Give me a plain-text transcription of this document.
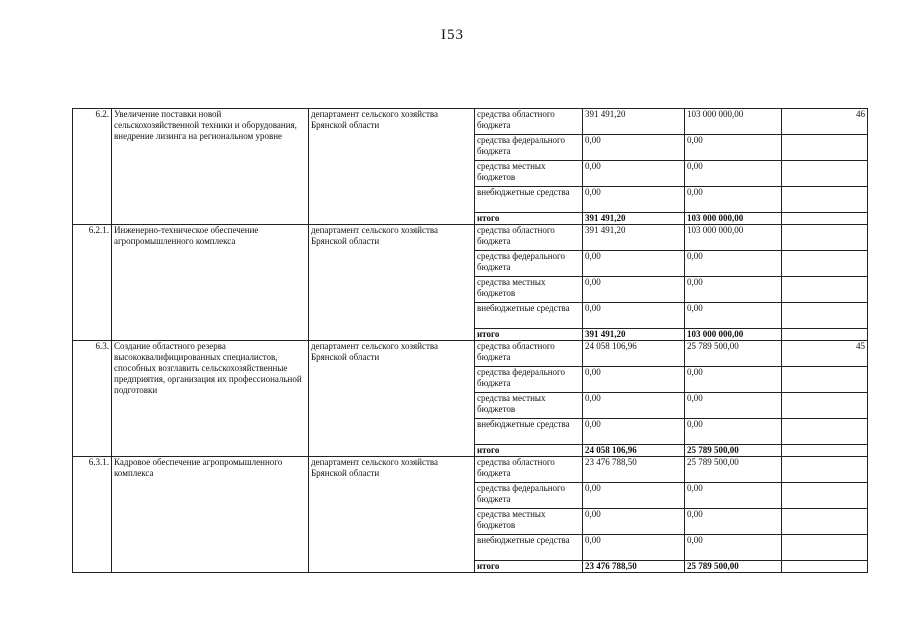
I53
6.2.	Увеличение поставки новой сельскохозяйственной техники и оборудования, внедрение лизинга на региональном уровне	департамент сельского хозяйства Брянской области	средства областного бюджета	391 491,20	103 000 000,00	46
			средства федерального бюджета	0,00	0,00	
			средства местных бюджетов	0,00	0,00	
			внебюджетные средства	0,00	0,00	
			итого	391 491,20	103 000 000,00	
6.2.1.	Инженерно-техническое обеспечение агропромышленного комплекса	департамент сельского хозяйства Брянской области	средства областного бюджета	391 491,20	103 000 000,00	
			средства федерального бюджета	0,00	0,00	
			средства местных бюджетов	0,00	0,00	
			внебюджетные средства	0,00	0,00	
			итого	391 491,20	103 000 000,00	
6.3.	Создание областного резерва высококвалифицированных специалистов, способных возглавить сельскохозяйственные предприятия, организация их профессиональной подготовки	департамент сельского хозяйства Брянской области	средства областного бюджета	24 058 106,96	25 789 500,00	45
			средства федерального бюджета	0,00	0,00	
			средства местных бюджетов	0,00	0,00	
			внебюджетные средства	0,00	0,00	
			итого	24 058 106,96	25 789 500,00	
6.3.1.	Кадровое обеспечение агропромышленного комплекса	департамент сельского хозяйства Брянской области	средства областного бюджета	23 476 788,50	25 789 500,00	
			средства федерального бюджета	0,00	0,00	
			средства местных бюджетов	0,00	0,00	
			внебюджетные средства	0,00	0,00	
			итого	23 476 788,50	25 789 500,00	
